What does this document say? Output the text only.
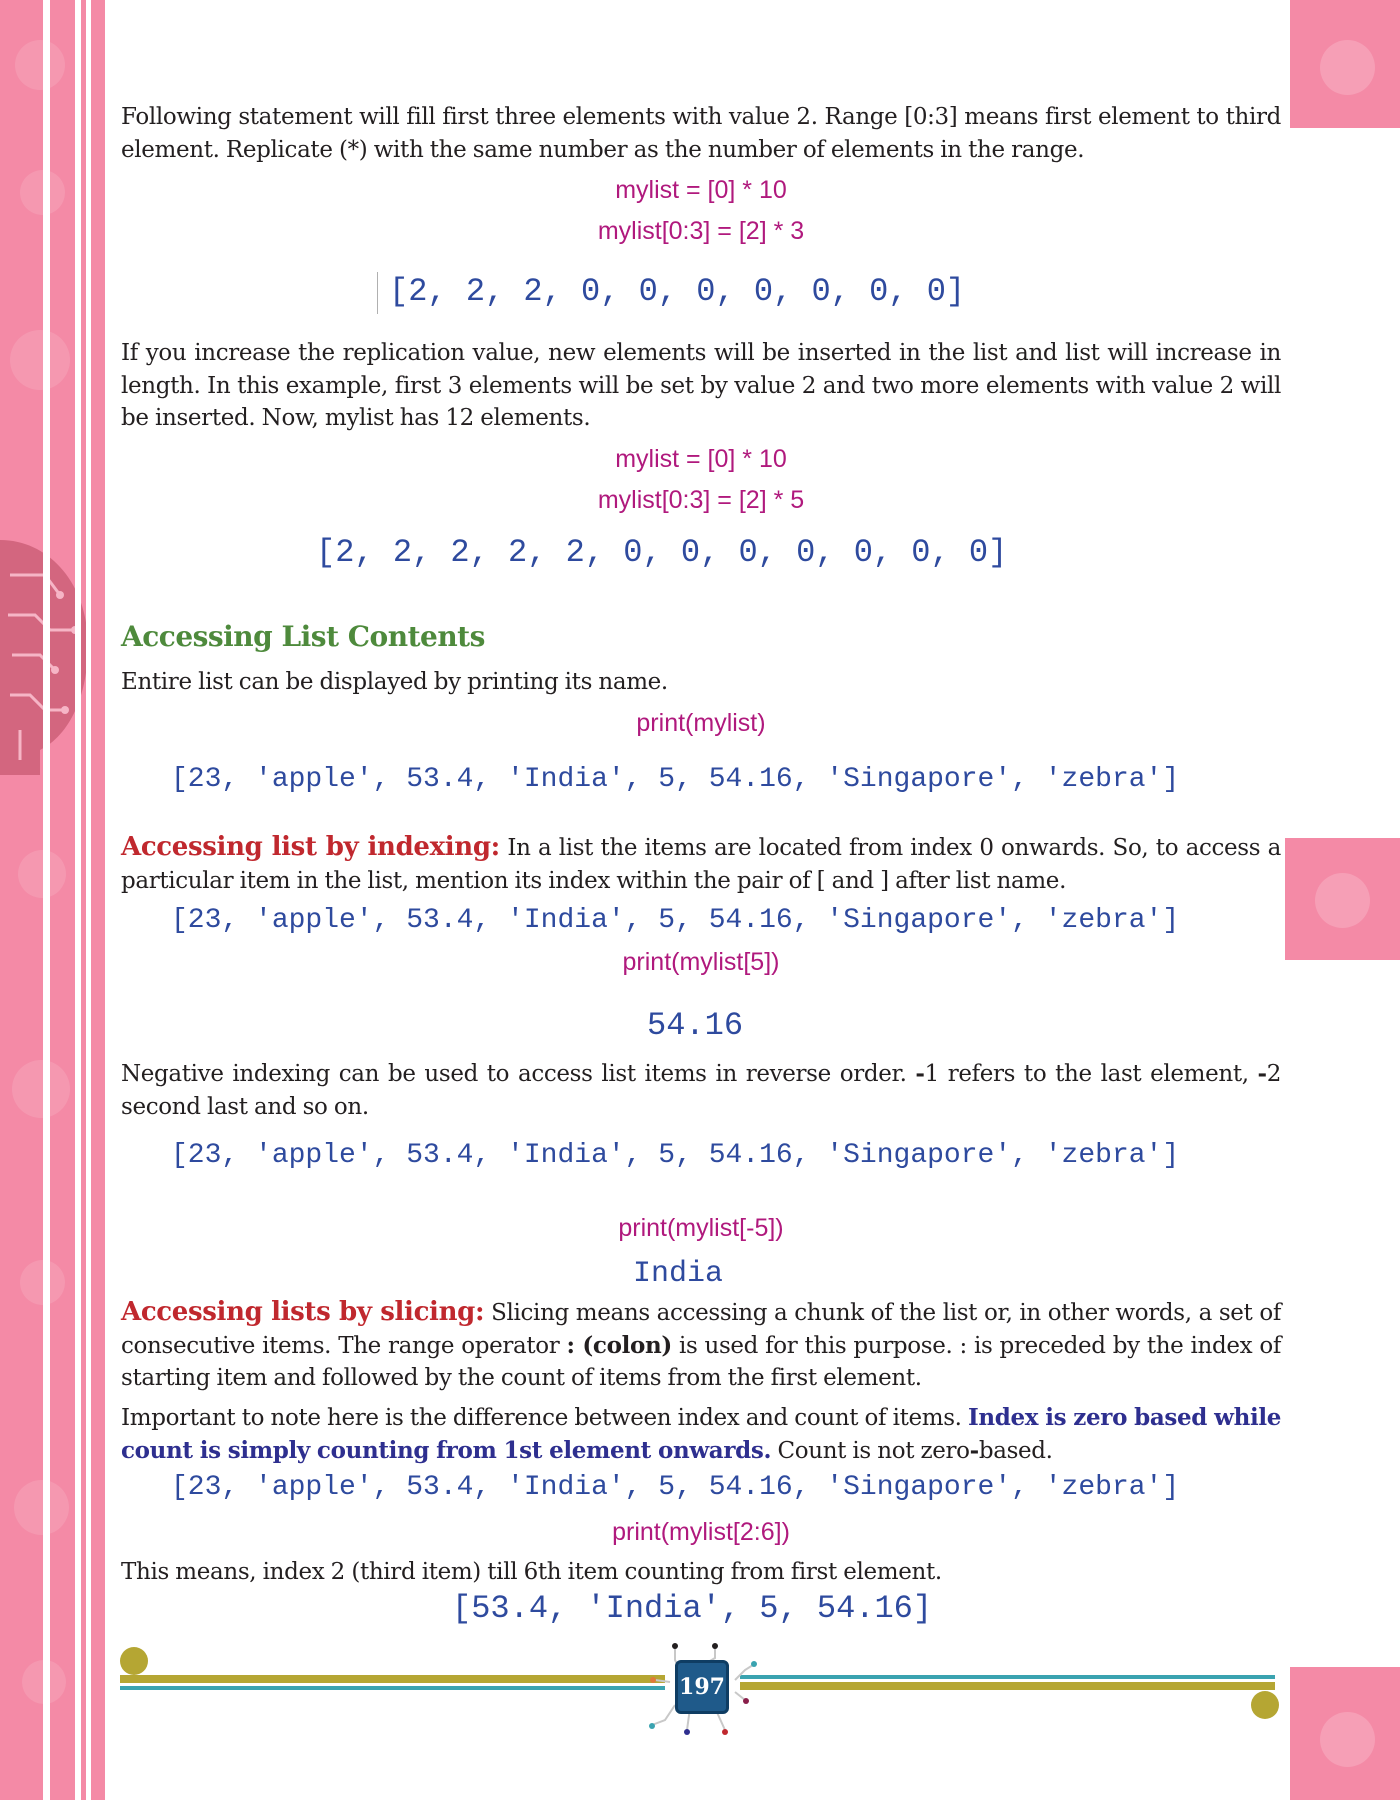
Following statement will fill first three elements with value 2. Range [0:3] means first element to third element. Replicate (*) with the same number as the number of elements in the range.

mylist = [0] * 10
mylist[0:3] = [2] * 3
[2, 2, 2, 0, 0, 0, 0, 0, 0, 0]

If you increase the replication value, new elements will be inserted in the list and list will increase in length. In this example, first 3 elements will be set by value 2 and two more elements with value 2 will be inserted. Now, mylist has 12 elements.

mylist = [0] * 10
mylist[0:3] = [2] * 5
[2, 2, 2, 2, 2, 0, 0, 0, 0, 0, 0, 0]
Accessing List Contents

Entire list can be displayed by printing its name.

print(mylist)
[23, 'apple', 53.4, 'India', 5, 54.16, 'Singapore', 'zebra']

Accessing list by indexing: In a list the items are located from index 0 onwards. So, to access a particular item in the list, mention its index within the pair of [ and ] after list name.

[23, 'apple', 53.4, 'India', 5, 54.16, 'Singapore', 'zebra']
print(mylist[5])
54.16

Negative indexing can be used to access list items in reverse order. -1 refers to the last element, -2 second last and so on.

[23, 'apple', 53.4, 'India', 5, 54.16, 'Singapore', 'zebra']
print(mylist[-5])
India

Accessing lists by slicing: Slicing means accessing a chunk of the list or, in other words, a set of consecutive items. The range operator : (colon) is used for this purpose. : is preceded by the index of starting item and followed by the count of items from the first element.

Important to note here is the difference between index and count of items. Index is zero based while count is simply counting from 1st element onwards. Count is not zero-based.

[23, 'apple', 53.4, 'India', 5, 54.16, 'Singapore', 'zebra']
print(mylist[2:6])

This means, index 2 (third item) till 6th item counting from first element.

[53.4, 'India', 5, 54.16]
197
